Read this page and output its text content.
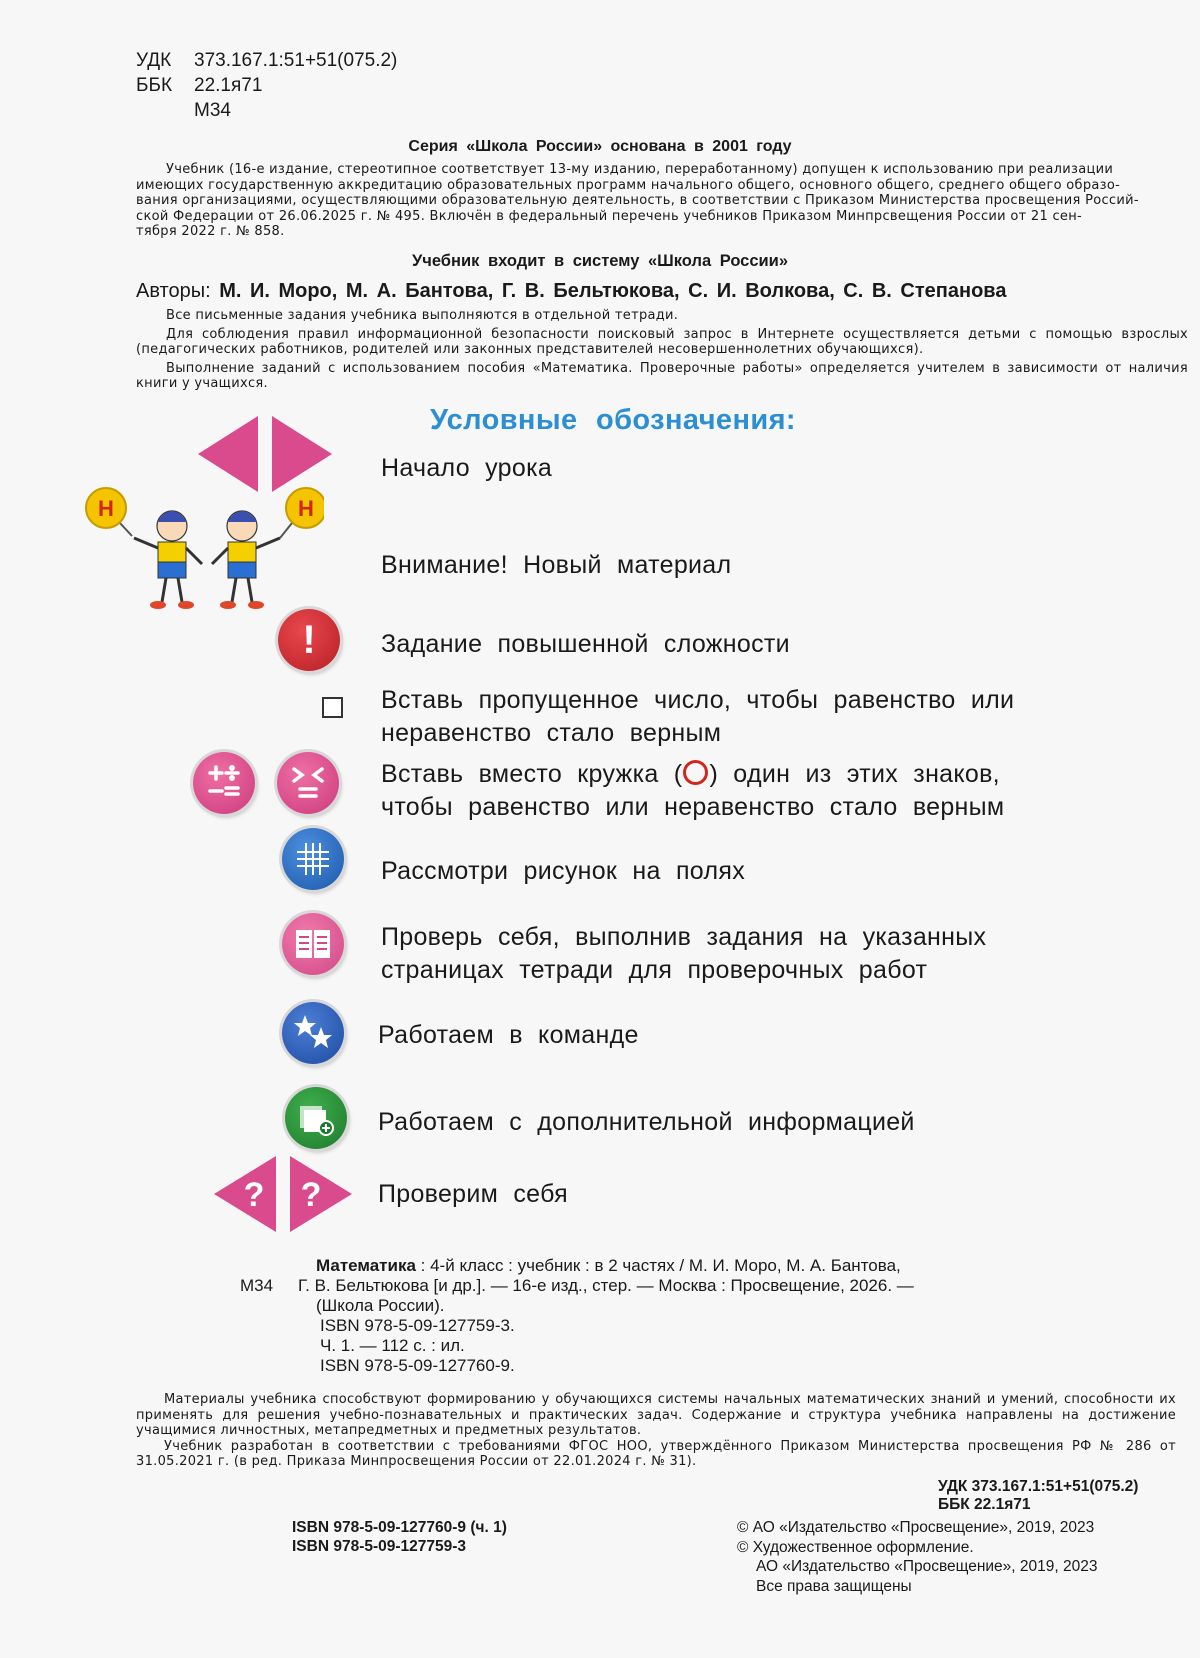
УДК	373.167.1:51+51(075.2)
ББК	22.1я71
М34
Серия «Школа России» основана в 2001 году
Учебник (16-е издание, стереотипное соответствует 13-му изданию, переработанному) допущен к использованию при реализации
имеющих государственную аккредитацию образовательных программ начального общего, основного общего, среднего общего образо-
вания организациями, осуществляющими образовательную деятельность, в соответствии с Приказом Министерства просвещения Россий-
ской Федерации от 26.06.2025 г. № 495. Включён в федеральный перечень учебников Приказом Минпрсвещения России от 21 сен-
тября 2022 г. № 858.
Учебник входит в систему «Школа России»
Авторы: М. И. Моро, М. А. Бантова, Г. В. Бельтюкова, С. И. Волкова, С. В. Степанова

Все письменные задания учебника выполняются в отдельной тетради.

Для соблюдения правил информационной безопасности поисковый запрос в Интернете осуществляется детьми с помощью взрослых (педагогических работников, родителей или законных представителей несовершеннолетних обучающихся).

Выполнение заданий с использованием пособия «Математика. Проверочные работы» определяется учителем в зависимости от наличия книги у учащихся.

Условные обозначения:
Начало урока
Н	Н
Внимание! Новый материал
!	Задание повышенной сложности
Вставь пропущенное число, чтобы равенство или
неравенство стало верным
Вставь вместо кружка ( ) один из этих знаков,
чтобы равенство или неравенство стало верным
Рассмотри рисунок на полях
Проверь себя, выполнив задания на указанных
страницах тетради для проверочных работ
Работаем в команде
Работаем с дополнительной информацией
? ? Проверим себя
Математика : 4-й класс : учебник : в 2 частях / М. И. Моро, М. А. Бантова,
М34 Г. В. Бельтюкова [и др.]. — 16-е изд., стер. — Москва : Просвещение, 2026. —
(Школа России).
ISBN 978-5-09-127759-3.
Ч. 1. — 112 с. : ил.
ISBN 978-5-09-127760-9.

Материалы учебника способствуют формированию у обучающихся системы начальных математических знаний и умений, способности их применять для решения учебно-познавательных и практических задач. Содержание и структура учебника направлены на достижение учащимися личностных, метапредметных и предметных результатов.

Учебник разработан в соответствии с требованиями ФГОС НОО, утверждённого Приказом Министерства просвещения РФ № 286 от 31.05.2021 г. (в ред. Приказа Минпросвещения России от 22.01.2024 г. № 31).

УДК 373.167.1:51+51(075.2)
ББК 22.1я71
ISBN 978-5-09-127760-9 (ч. 1)
ISBN 978-5-09-127759-3
© АО «Издательство «Просвещение», 2019, 2023
© Художественное оформление.
АО «Издательство «Просвещение», 2019, 2023
Все права защищены
